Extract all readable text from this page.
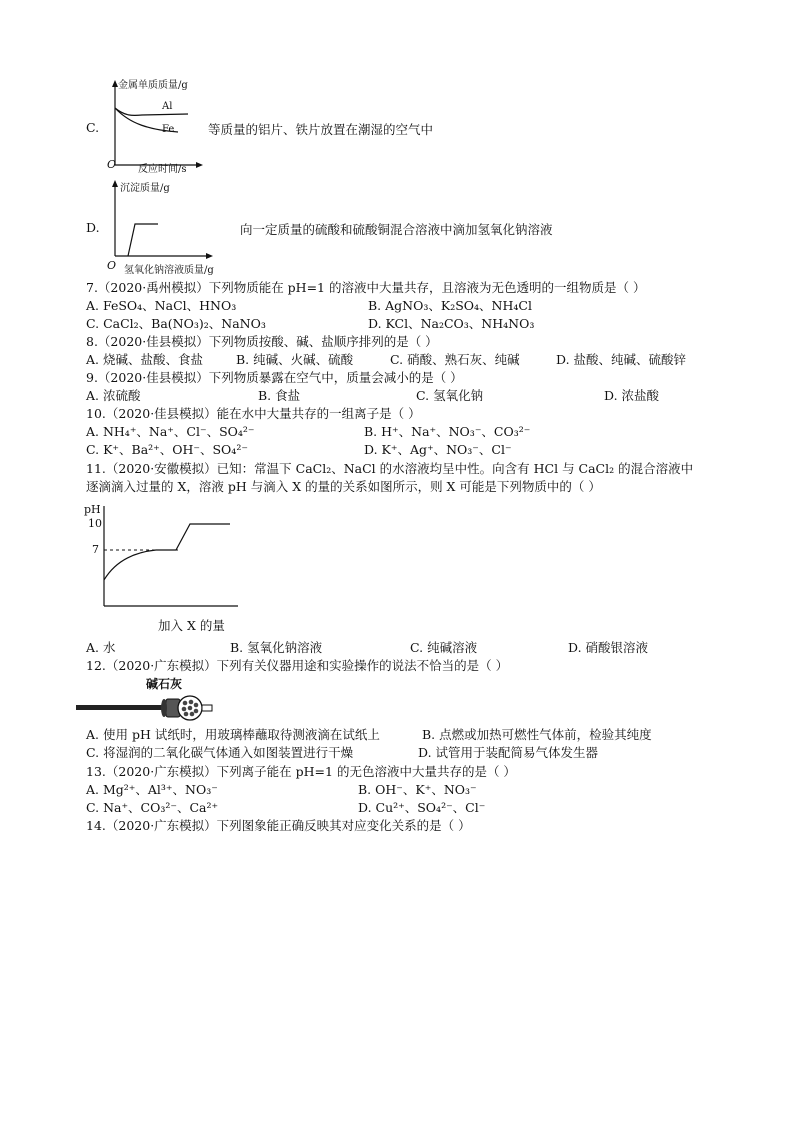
C.
金属单质质量/g
Al
Fe
O 反应时间/s
等质量的铝片、铁片放置在潮湿的空气中
D.
沉淀质量/g
O 氢氧化钠溶液质量/g
向一定质量的硫酸和硫酸铜混合溶液中滴加氢氧化钠溶液
7.（2020·禹州模拟）下列物质能在 pH=1 的溶液中大量共存，且溶液为无色透明的一组物质是（ ）
A. FeSO₄、NaCl、HNO₃	B. AgNO₃、K₂SO₄、NH₄Cl
C. CaCl₂、Ba(NO₃)₂、NaNO₃	D. KCl、Na₂CO₃、NH₄NO₃
8.（2020·佳县模拟）下列物质按酸、碱、盐顺序排列的是（ ）
A. 烧碱、盐酸、食盐	B. 纯碱、火碱、硫酸	C. 硝酸、熟石灰、纯碱	D. 盐酸、纯碱、硫酸锌
9.（2020·佳县模拟）下列物质暴露在空气中，质量会减小的是（ ）
A. 浓硫酸	B. 食盐	C. 氢氧化钠	D. 浓盐酸
10.（2020·佳县模拟）能在水中大量共存的一组离子是（ ）
A. NH₄⁺、Na⁺、Cl⁻、SO₄²⁻	B. H⁺、Na⁺、NO₃⁻、CO₃²⁻
C. K⁺、Ba²⁺、OH⁻、SO₄²⁻	D. K⁺、Ag⁺、NO₃⁻、Cl⁻
11.（2020·安徽模拟）已知：常温下 CaCl₂、NaCl 的水溶液均呈中性。向含有 HCl 与 CaCl₂ 的混合溶液中
逐滴滴入过量的 X，溶液 pH 与滴入 X 的量的关系如图所示，则 X 可能是下列物质中的（ ）
pH
10
7
加入 X 的量
A. 水	B. 氢氧化钠溶液	C. 纯碱溶液	D. 硝酸银溶液
12.（2020·广东模拟）下列有关仪器用途和实验操作的说法不恰当的是（ ）
碱石灰
A. 使用 pH 试纸时，用玻璃棒蘸取待测液滴在试纸上	B. 点燃或加热可燃性气体前，检验其纯度
C. 将湿润的二氧化碳气体通入如图装置进行干燥	D. 试管用于装配简易气体发生器
13.（2020·广东模拟）下列离子能在 pH=1 的无色溶液中大量共存的是（ ）
A. Mg²⁺、Al³⁺、NO₃⁻	B. OH⁻、K⁺、NO₃⁻
C. Na⁺、CO₃²⁻、Ca²⁺	D. Cu²⁺、SO₄²⁻、Cl⁻
14.（2020·广东模拟）下列图象能正确反映其对应变化关系的是（ ）
